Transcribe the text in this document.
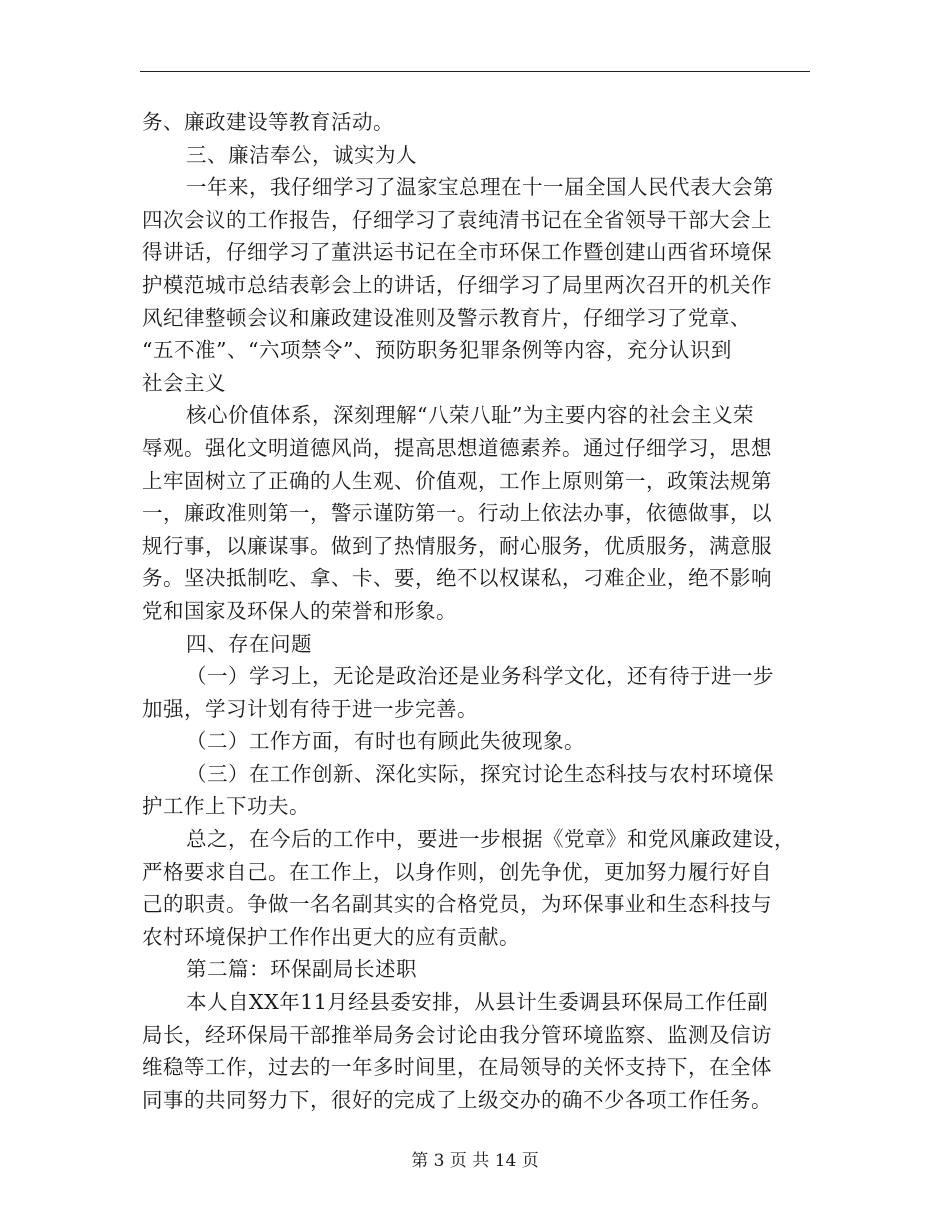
务、廉政建设等教育活动。
三、廉洁奉公，诚实为人
一年来，我仔细学习了温家宝总理在十一届全国人民代表大会第
四次会议的工作报告，仔细学习了袁纯清书记在全省领导干部大会上
得讲话，仔细学习了董洪运书记在全市环保工作暨创建山西省环境保
护模范城市总结表彰会上的讲话，仔细学习了局里两次召开的机关作
风纪律整顿会议和廉政建设准则及警示教育片，仔细学习了党章、
“五不准”、“六项禁令”、预防职务犯罪条例等内容，充分认识到
社会主义
核心价值体系，深刻理解“八荣八耻”为主要内容的社会主义荣
辱观。强化文明道德风尚，提高思想道德素养。通过仔细学习，思想
上牢固树立了正确的人生观、价值观，工作上原则第一，政策法规第
一，廉政准则第一，警示谨防第一。行动上依法办事，依德做事，以
规行事，以廉谋事。做到了热情服务，耐心服务，优质服务，满意服
务。坚决抵制吃、拿、卡、要，绝不以权谋私，刁难企业，绝不影响
党和国家及环保人的荣誉和形象。
四、存在问题
（一）学习上，无论是政治还是业务科学文化，还有待于进一步
加强，学习计划有待于进一步完善。
（二）工作方面，有时也有顾此失彼现象。
（三）在工作创新、深化实际，探究讨论生态科技与农村环境保
护工作上下功夫。
总之，在今后的工作中，要进一步根据《党章》和党风廉政建设，
严格要求自己。在工作上，以身作则，创先争优，更加努力履行好自
己的职责。争做一名名副其实的合格党员，为环保事业和生态科技与
农村环境保护工作作出更大的应有贡献。
第二篇：环保副局长述职
本人自XX年11月经县委安排，从县计生委调县环保局工作任副
局长，经环保局干部推举局务会讨论由我分管环境监察、监测及信访
维稳等工作，过去的一年多时间里，在局领导的关怀支持下，在全体
同事的共同努力下，很好的完成了上级交办的确不少各项工作任务。
第 3 页 共 14 页
